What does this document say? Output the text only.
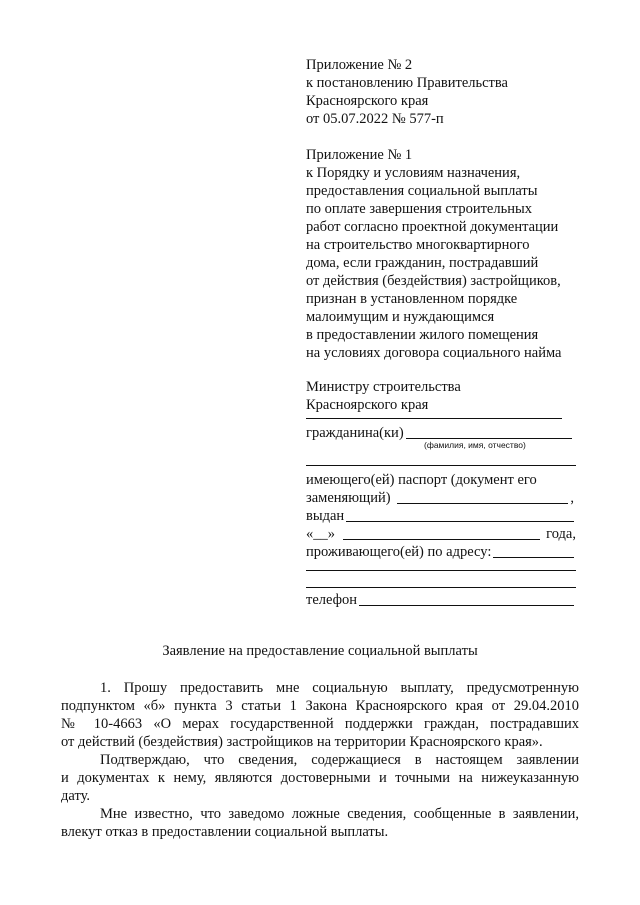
Приложение № 2
к постановлению Правительства
Красноярского края
от 05.07.2022 № 577-п
Приложение № 1
к Порядку и условиям назначения,
предоставления социальной выплаты
по оплате завершения строительных
работ согласно проектной документации
на строительство многоквартирного
дома, если гражданин, пострадавший
от действия (бездействия) застройщиков,
признан в установленном порядке
малоимущим и нуждающимся
в предоставлении жилого помещения
на условиях договора социального найма
Министру строительства
Красноярского края
гражданина(ки)
(фамилия, имя, отчество)
имеющего(ей) паспорт (документ его
заменяющий)	,
выдан
«__»	года,
проживающего(ей) по адресу:
телефон
Заявление на предоставление социальной выплаты
1. Прошу предоставить мне социальную выплату, предусмотренную
подпунктом «б» пункта 3 статьи 1 Закона Красноярского края от 29.04.2010
№ 10-4663 «О мерах государственной поддержки граждан, пострадавших
от действий (бездействия) застройщиков на территории Красноярского края».
Подтверждаю, что сведения, содержащиеся в настоящем заявлении
и документах к нему, являются достоверными и точными на нижеуказанную
дату.
Мне известно, что заведомо ложные сведения, сообщенные в заявлении,
влекут отказ в предоставлении социальной выплаты.
